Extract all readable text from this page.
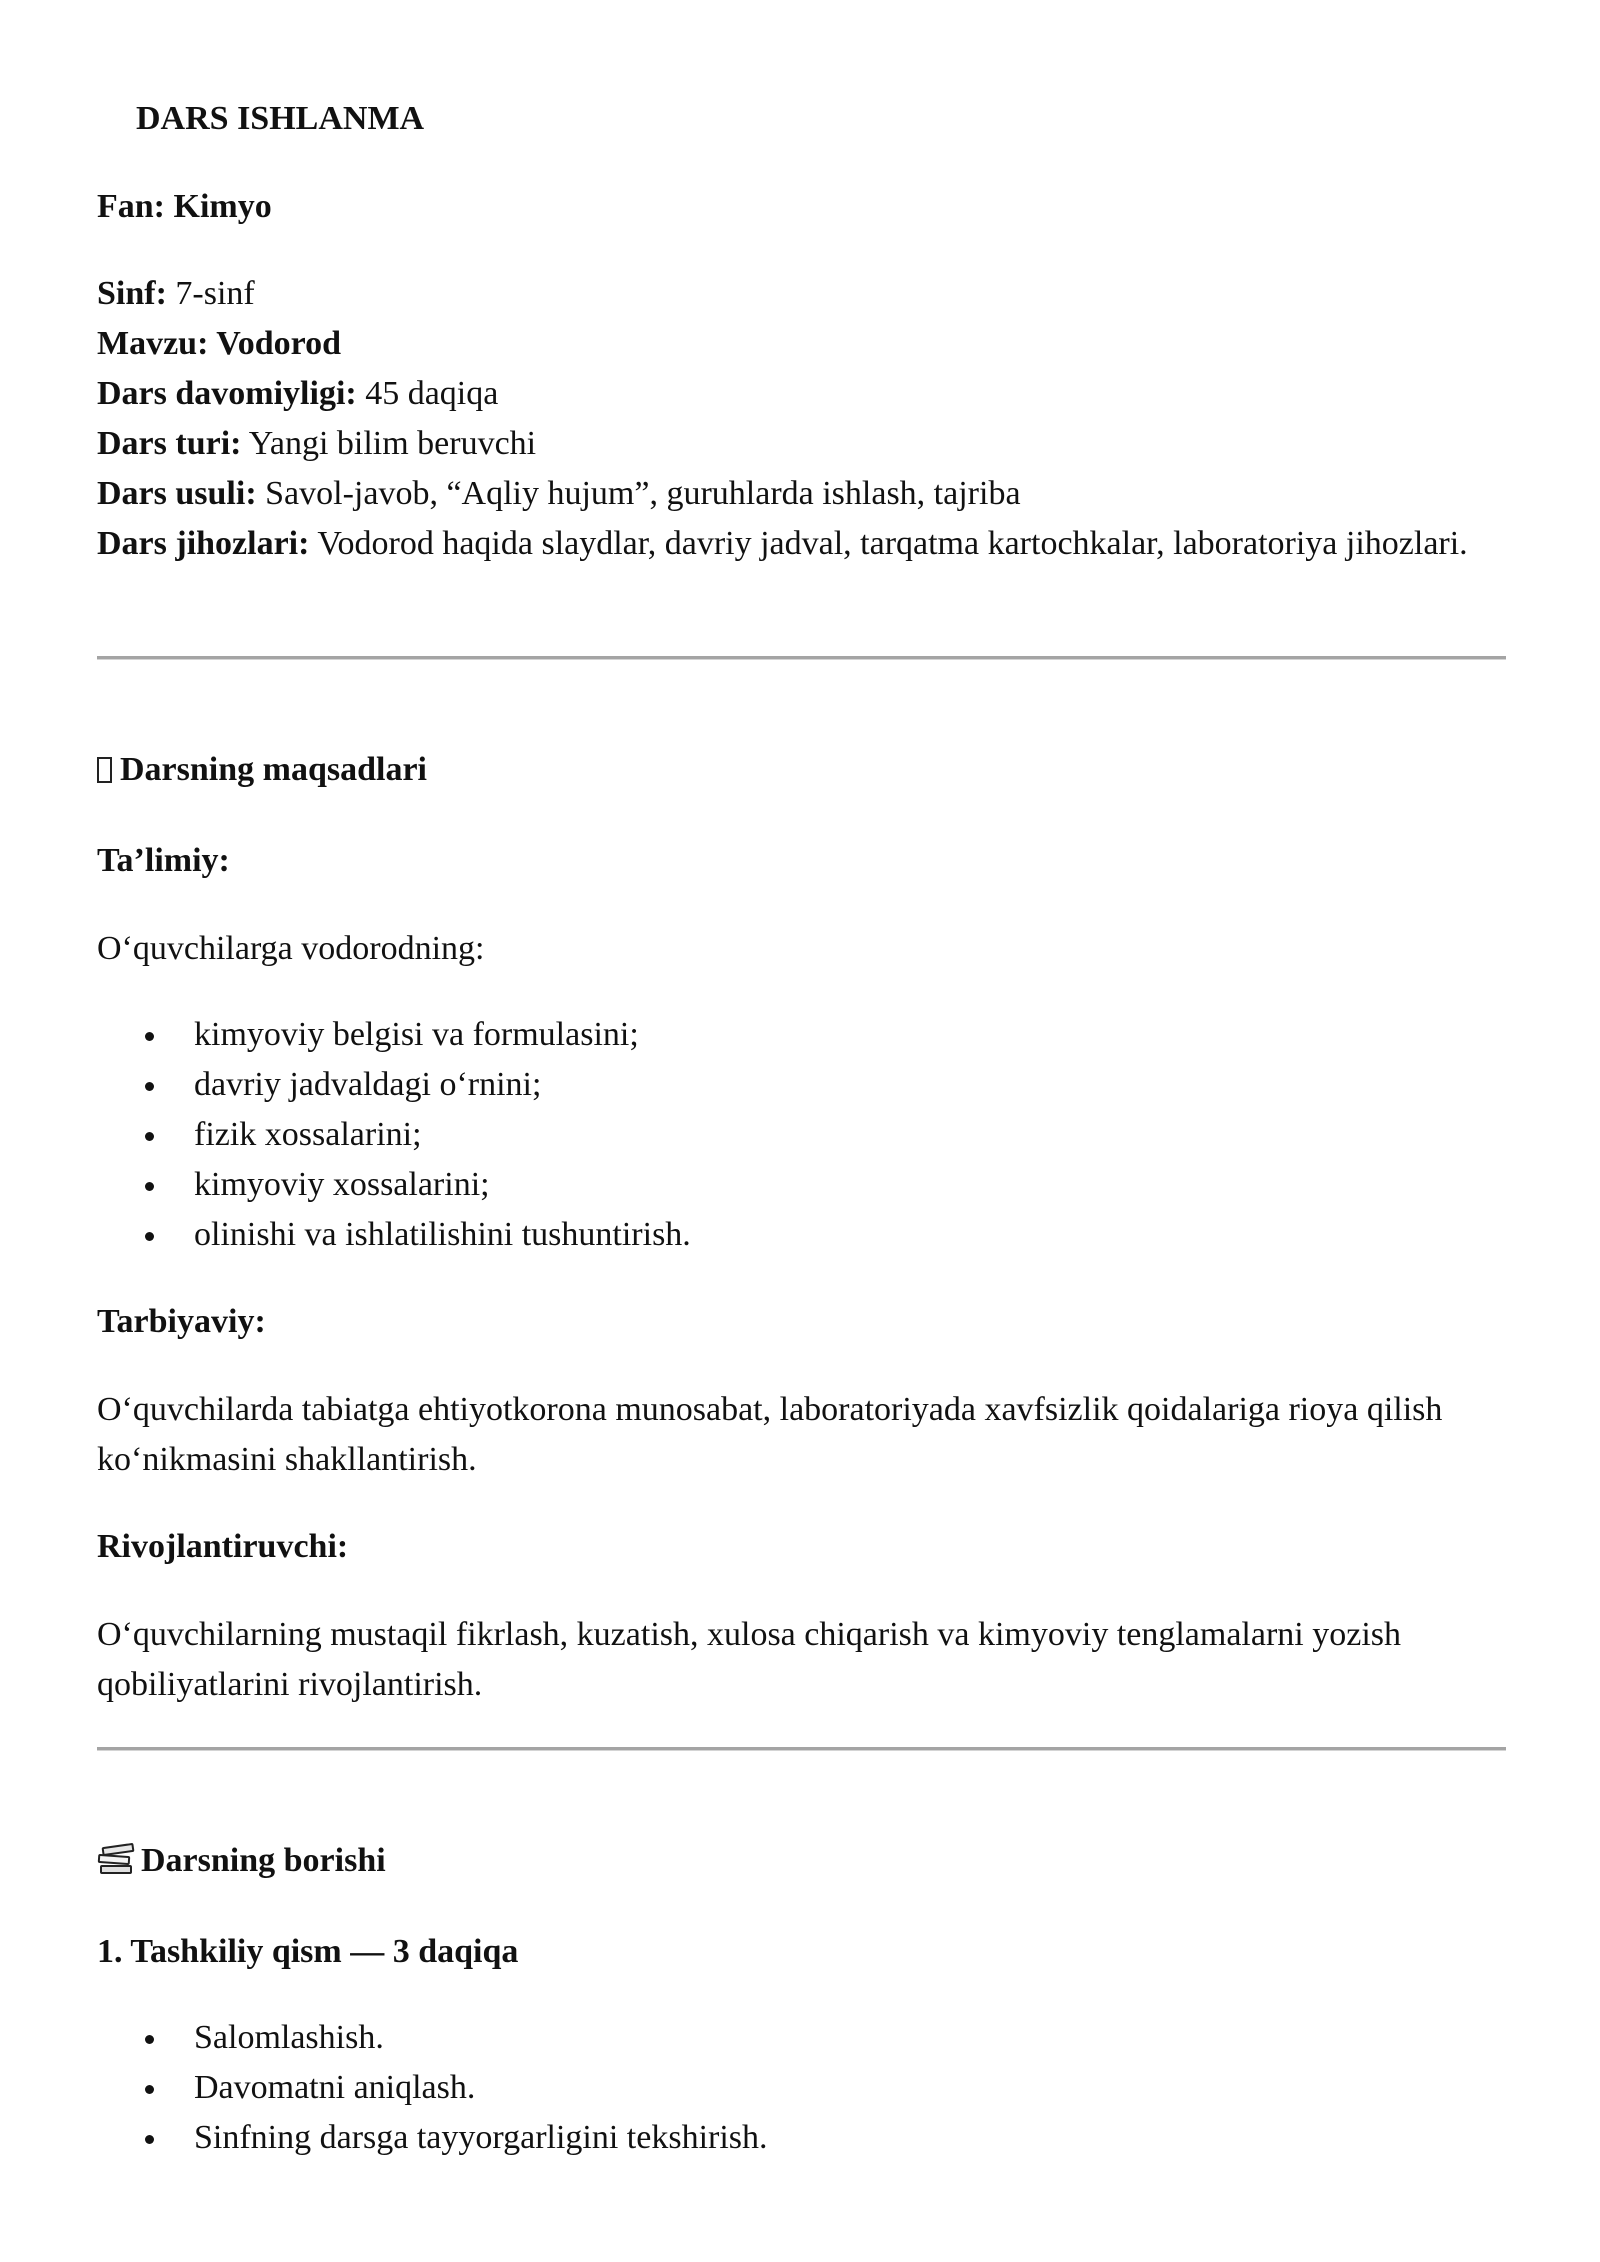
DARS ISHLANMA
Fan: Kimyo
Sinf: 7-sinf
Mavzu: Vodorod
Dars davomiyligi: 45 daqiqa
Dars turi: Yangi bilim beruvchi
Dars usuli: Savol-javob, “Aqliy hujum”, guruhlarda ishlash, tajriba
Dars jihozlari: Vodorod haqida slaydlar, davriy jadval, tarqatma kartochkalar, laboratoriya jihozlari.
Darsning maqsadlari
Ta’limiy:
O‘quvchilarga vodorodning:
kimyoviy belgisi va formulasini;
davriy jadvaldagi o‘rnini;
fizik xossalarini;
kimyoviy xossalarini;
olinishi va ishlatilishini tushuntirish.
Tarbiyaviy:
O‘quvchilarda tabiatga ehtiyotkorona munosabat, laboratoriyada xavfsizlik qoidalariga rioya qilish ko‘nikmasini shakllantirish.
Rivojlantiruvchi:
O‘quvchilarning mustaqil fikrlash, kuzatish, xulosa chiqarish va kimyoviy tenglamalarni yozish qobiliyatlarini rivojlantirish.
Darsning borishi
1. Tashkiliy qism — 3 daqiqa
Salomlashish.
Davomatni aniqlash.
Sinfning darsga tayyorgarligini tekshirish.
